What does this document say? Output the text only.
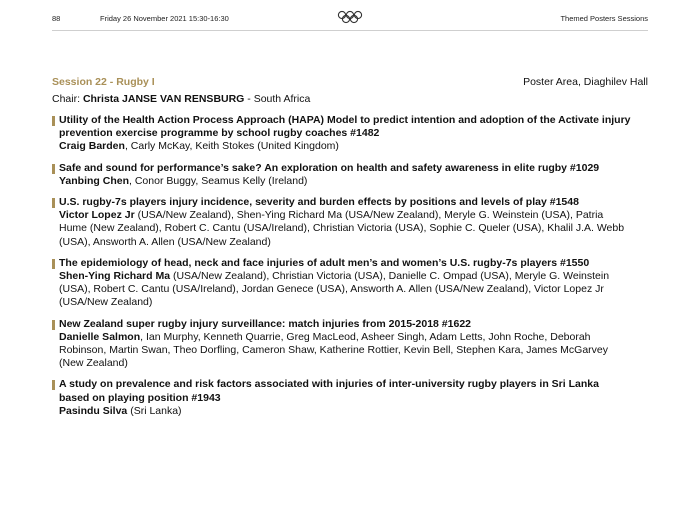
88	Friday 26 November 2021 15:30-16:30	Themed Posters Sessions
Session 22 - Rugby I	Poster Area, Diaghilev Hall
Chair: Christa JANSE VAN RENSBURG - South Africa
Utility of the Health Action Process Approach (HAPA) Model to predict intention and adoption of the Activate injury prevention exercise programme by school rugby coaches #1482
Craig Barden, Carly McKay, Keith Stokes (United Kingdom)
Safe and sound for performance’s sake? An exploration on health and safety awareness in elite rugby #1029
Yanbing Chen, Conor Buggy, Seamus Kelly (Ireland)
U.S. rugby-7s players injury incidence, severity and burden effects by positions and levels of play #1548
Victor Lopez Jr (USA/New Zealand), Shen-Ying Richard Ma (USA/New Zealand), Meryle G. Weinstein (USA), Patria Hume (New Zealand), Robert C. Cantu (USA/Ireland), Christian Victoria (USA), Sophie C. Queler (USA), Khalil J.A. Webb (USA), Answorth A. Allen (USA/New Zealand)
The epidemiology of head, neck and face injuries of adult men’s and women’s U.S. rugby-7s players #1550
Shen-Ying Richard Ma (USA/New Zealand), Christian Victoria (USA), Danielle C. Ompad (USA), Meryle G. Weinstein (USA), Robert C. Cantu (USA/Ireland), Jordan Genece (USA), Answorth A. Allen (USA/New Zealand), Victor Lopez Jr (USA/New Zealand)
New Zealand super rugby injury surveillance: match injuries from 2015-2018 #1622
Danielle Salmon, Ian Murphy, Kenneth Quarrie, Greg MacLeod, Asheer Singh, Adam Letts, John Roche, Deborah Robinson, Martin Swan, Theo Dorfling, Cameron Shaw, Katherine Rottier, Kevin Bell, Stephen Kara, James McGarvey (New Zealand)
A study on prevalence and risk factors associated with injuries of inter-university rugby players in Sri Lanka based on playing position #1943
Pasindu Silva (Sri Lanka)
